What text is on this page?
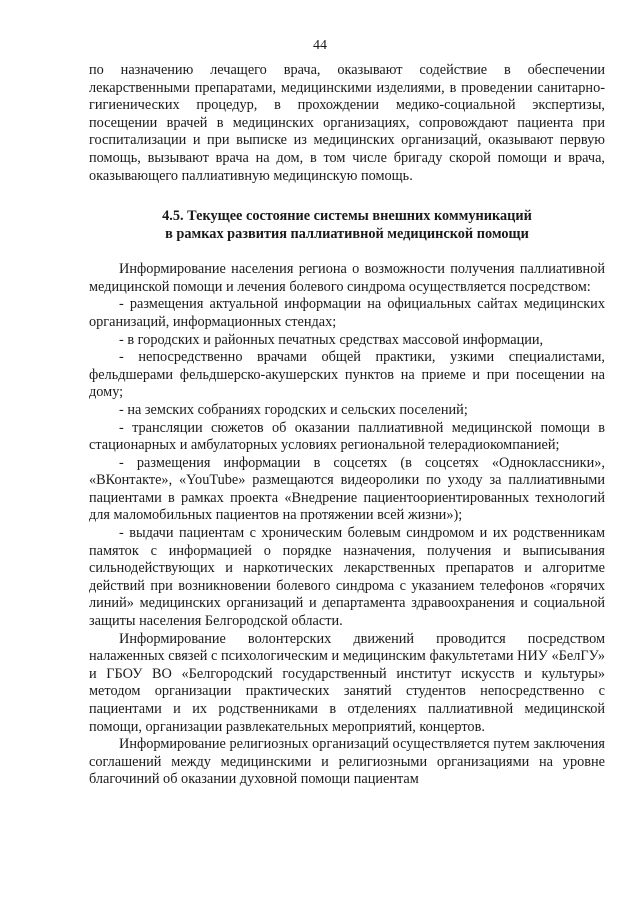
44

по назначению лечащего врача, оказывают содействие в обеспечении лекарственными препаратами, медицинскими изделиями, в проведении санитарно-гигиенических процедур, в прохождении медико-социальной экспертизы, посещении врачей в медицинских организациях, сопровождают пациента при госпитализации и при выписке из медицинских организаций, оказывают первую помощь, вызывают врача на дом, в том числе бригаду скорой помощи и врача, оказывающего паллиативную медицинскую помощь.

4.5. Текущее состояние системы внешних коммуникаций
в рамках развития паллиативной медицинской помощи

Информирование населения региона о возможности получения паллиативной медицинской помощи и лечения болевого синдрома осуществляется посредством:

- размещения актуальной информации на официальных сайтах медицинских организаций, информационных стендах;

- в городских и районных печатных средствах массовой информации,

- непосредственно врачами общей практики, узкими специалистами, фельдшерами фельдшерско-акушерских пунктов на приеме и при посещении на дому;

- на земских собраниях городских и сельских поселений;

- трансляции сюжетов об оказании паллиативной медицинской помощи в стационарных и амбулаторных условиях региональной телерадиокомпанией;

- размещения информации в соцсетях (в соцсетях «Одноклассники», «ВКонтакте», «YouTube» размещаются видеоролики по уходу за паллиативными пациентами в рамках проекта «Внедрение пациентоориентированных технологий для маломобильных пациентов на протяжении всей жизни»);

- выдачи пациентам с хроническим болевым синдромом и их родственникам памяток с информацией о порядке назначения, получения и выписывания сильнодействующих и наркотических лекарственных препаратов и алгоритме действий при возникновении болевого синдрома с указанием телефонов «горячих линий» медицинских организаций и департамента здравоохранения и социальной защиты населения Белгородской области.

Информирование волонтерских движений проводится посредством налаженных связей с психологическим и медицинским факультетами НИУ «БелГУ» и ГБОУ ВО «Белгородский государственный институт искусств и культуры» методом организации практических занятий студентов непосредственно с пациентами и их родственниками в отделениях паллиативной медицинской помощи, организации развлекательных мероприятий, концертов.

Информирование религиозных организаций осуществляется путем заключения соглашений между медицинскими и религиозными организациями на уровне благочиний об оказании духовной помощи пациентам
